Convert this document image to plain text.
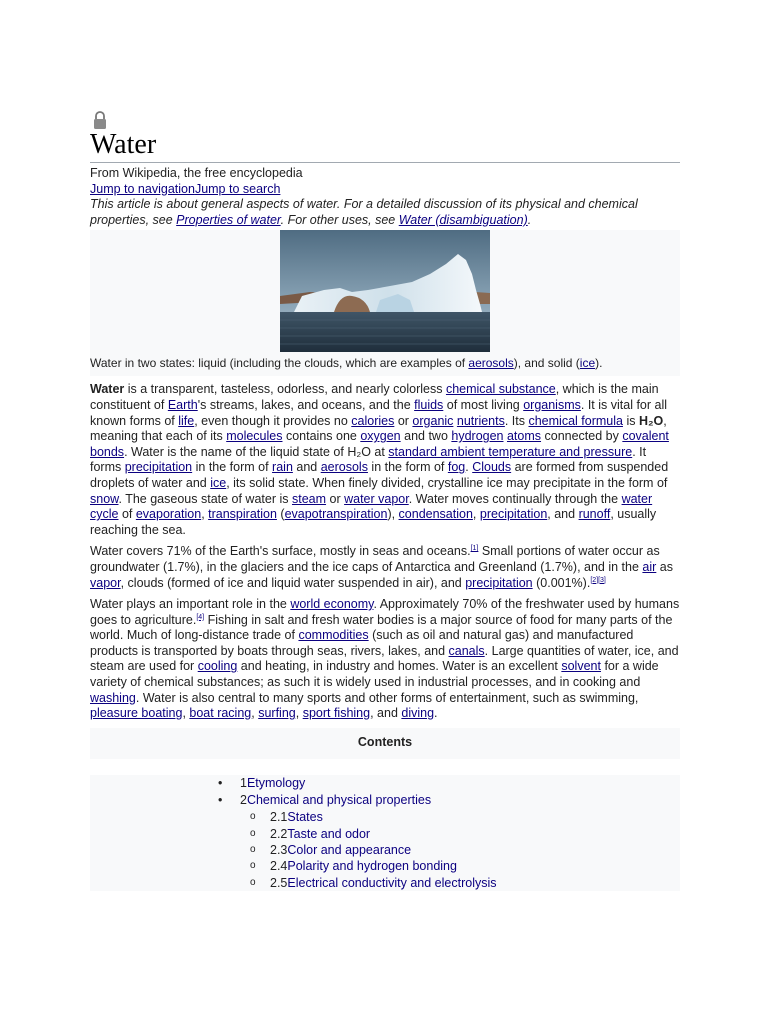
Water
From Wikipedia, the free encyclopedia
Jump to navigationJump to search
This article is about general aspects of water. For a detailed discussion of its physical and chemical properties, see Properties of water. For other uses, see Water (disambiguation).
Water in two states: liquid (including the clouds, which are examples of aerosols), and solid (ice).

Water is a transparent, tasteless, odorless, and nearly colorless chemical substance, which is the main constituent of Earth's streams, lakes, and oceans, and the fluids of most living organisms. It is vital for all known forms of life, even though it provides no calories or organic nutrients. Its chemical formula is H₂O, meaning that each of its molecules contains one oxygen and two hydrogen atoms connected by covalent bonds. Water is the name of the liquid state of H₂O at standard ambient temperature and pressure. It forms precipitation in the form of rain and aerosols in the form of fog. Clouds are formed from suspended droplets of water and ice, its solid state. When finely divided, crystalline ice may precipitate in the form of snow. The gaseous state of water is steam or water vapor. Water moves continually through the water cycle of evaporation, transpiration (evapotranspiration), condensation, precipitation, and runoff, usually reaching the sea.

Water covers 71% of the Earth's surface, mostly in seas and oceans.[1] Small portions of water occur as groundwater (1.7%), in the glaciers and the ice caps of Antarctica and Greenland (1.7%), and in the air as vapor, clouds (formed of ice and liquid water suspended in air), and precipitation (0.001%).[2][3]

Water plays an important role in the world economy. Approximately 70% of the freshwater used by humans goes to agriculture.[4] Fishing in salt and fresh water bodies is a major source of food for many parts of the world. Much of long-distance trade of commodities (such as oil and natural gas) and manufactured products is transported by boats through seas, rivers, lakes, and canals. Large quantities of water, ice, and steam are used for cooling and heating, in industry and homes. Water is an excellent solvent for a wide variety of chemical substances; as such it is widely used in industrial processes, and in cooking and washing. Water is also central to many sports and other forms of entertainment, such as swimming, pleasure boating, boat racing, surfing, sport fishing, and diving.

Contents
• 1Etymology
• 2Chemical and physical properties
o 2.1States
o 2.2Taste and odor
o 2.3Color and appearance
o 2.4Polarity and hydrogen bonding
o 2.5Electrical conductivity and electrolysis
